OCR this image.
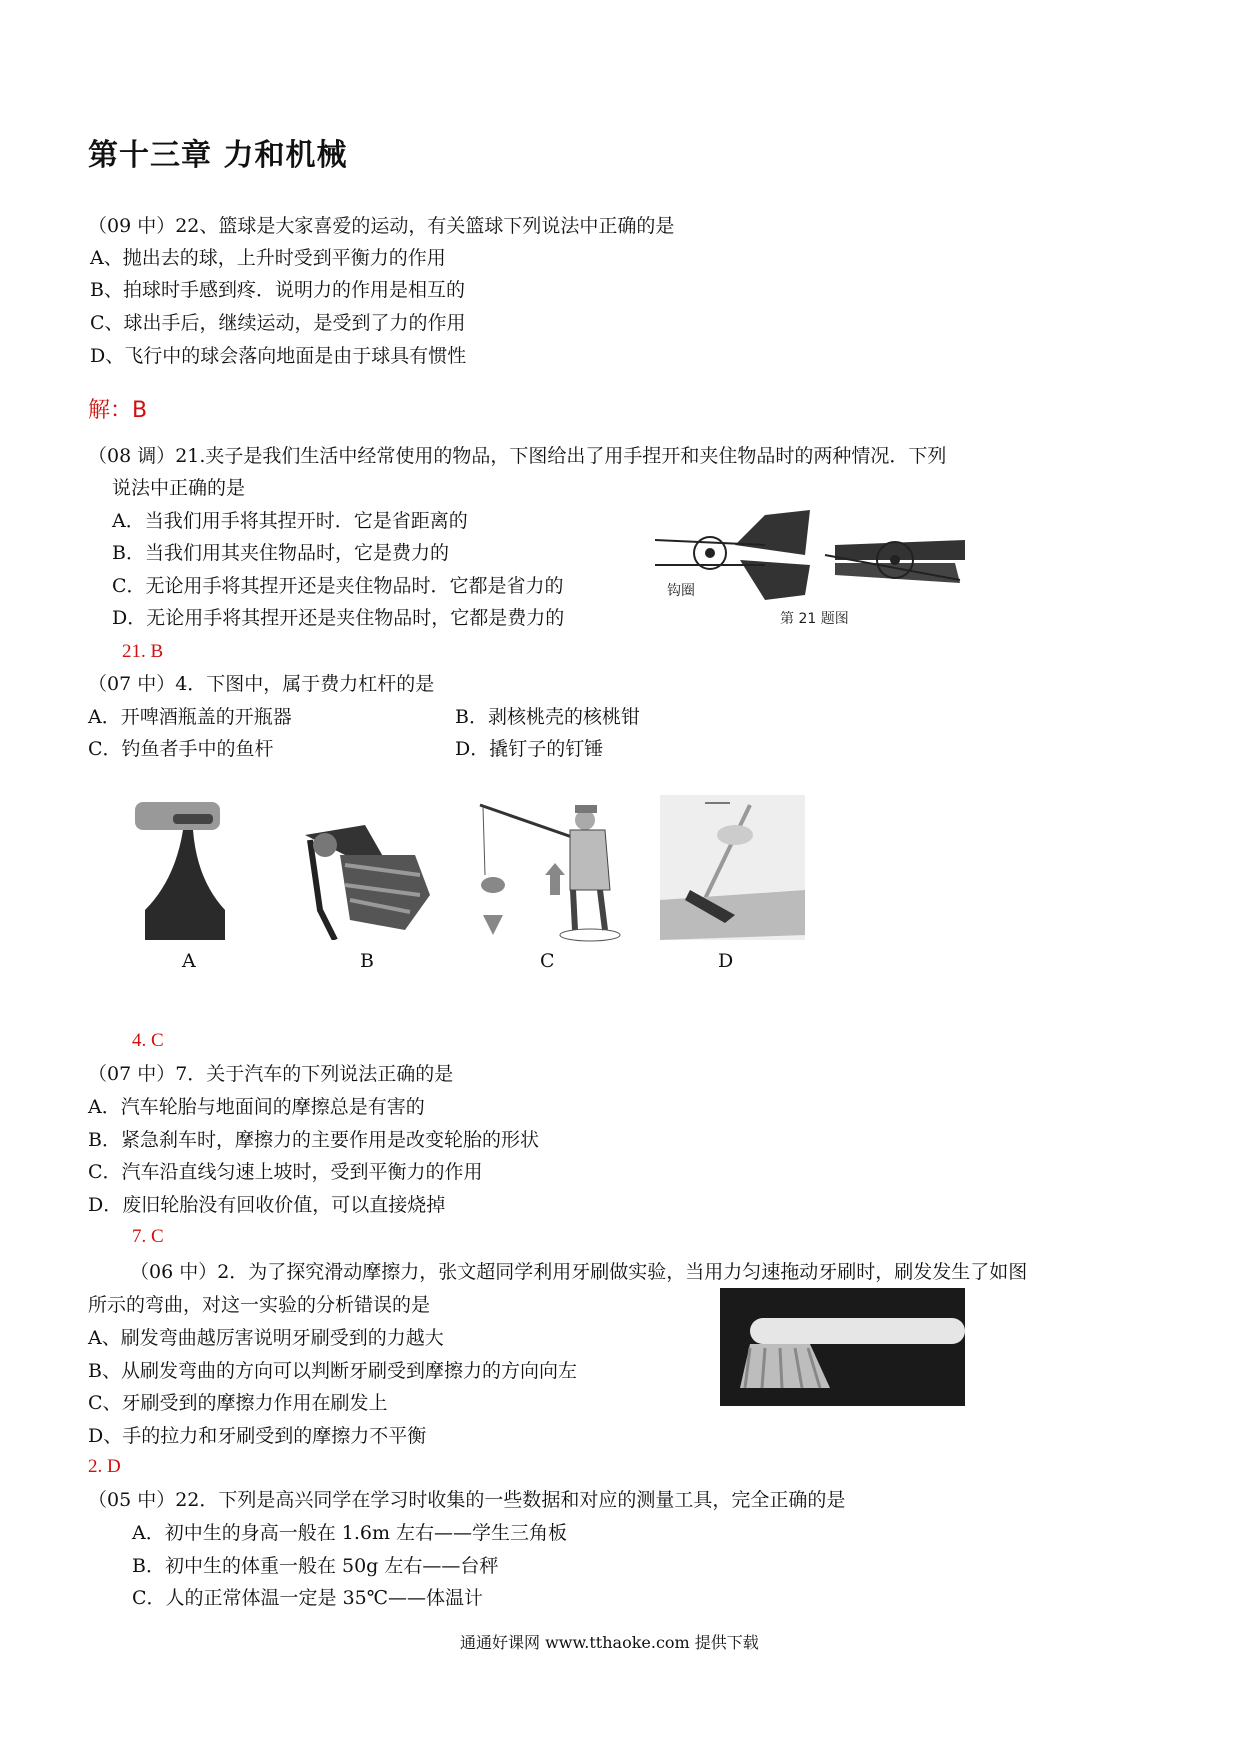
第十三章 力和机械
（09 中）22、篮球是大家喜爱的运动，有关篮球下列说法中正确的是
A、抛出去的球，上升时受到平衡力的作用
B、拍球时手感到疼．说明力的作用是相互的
C、球出手后，继续运动，是受到了力的作用
D、飞行中的球会落向地面是由于球具有惯性
解：B
（08 调）21.夹子是我们生活中经常使用的物品，下图给出了用手捏开和夹住物品时的两种情况．下列
说法中正确的是
A．当我们用手将其捏开时．它是省距离的
B．当我们用其夹住物品时，它是费力的
C．无论用手将其捏开还是夹住物品时．它都是省力的
D．无论用手将其捏开还是夹住物品时，它都是费力的
钩圈
第 21 题图
21. B
（07 中）4．下图中，属于费力杠杆的是
A．开啤酒瓶盖的开瓶器	B．剥核桃壳的核桃钳
C．钓鱼者手中的鱼杆	D．撬钉子的钉锤
A	B	C	D
4. C
（07 中）7．关于汽车的下列说法正确的是
A．汽车轮胎与地面间的摩擦总是有害的
B．紧急刹车时，摩擦力的主要作用是改变轮胎的形状
C．汽车沿直线匀速上坡时，受到平衡力的作用
D．废旧轮胎没有回收价值，可以直接烧掉
7. C
（06 中）2．为了探究滑动摩擦力，张文超同学利用牙刷做实验，当用力匀速拖动牙刷时，刷发发生了如图
所示的弯曲，对这一实验的分析错误的是
A、刷发弯曲越厉害说明牙刷受到的力越大
B、从刷发弯曲的方向可以判断牙刷受到摩擦力的方向向左
C、牙刷受到的摩擦力作用在刷发上
D、手的拉力和牙刷受到的摩擦力不平衡
2. D
（05 中）22．下列是高兴同学在学习时收集的一些数据和对应的测量工具，完全正确的是
A．初中生的身高一般在 1.6m 左右——学生三角板
B．初中生的体重一般在 50g 左右——台秤
C．人的正常体温一定是 35℃——体温计
通通好课网 www.tthaoke.com 提供下载
